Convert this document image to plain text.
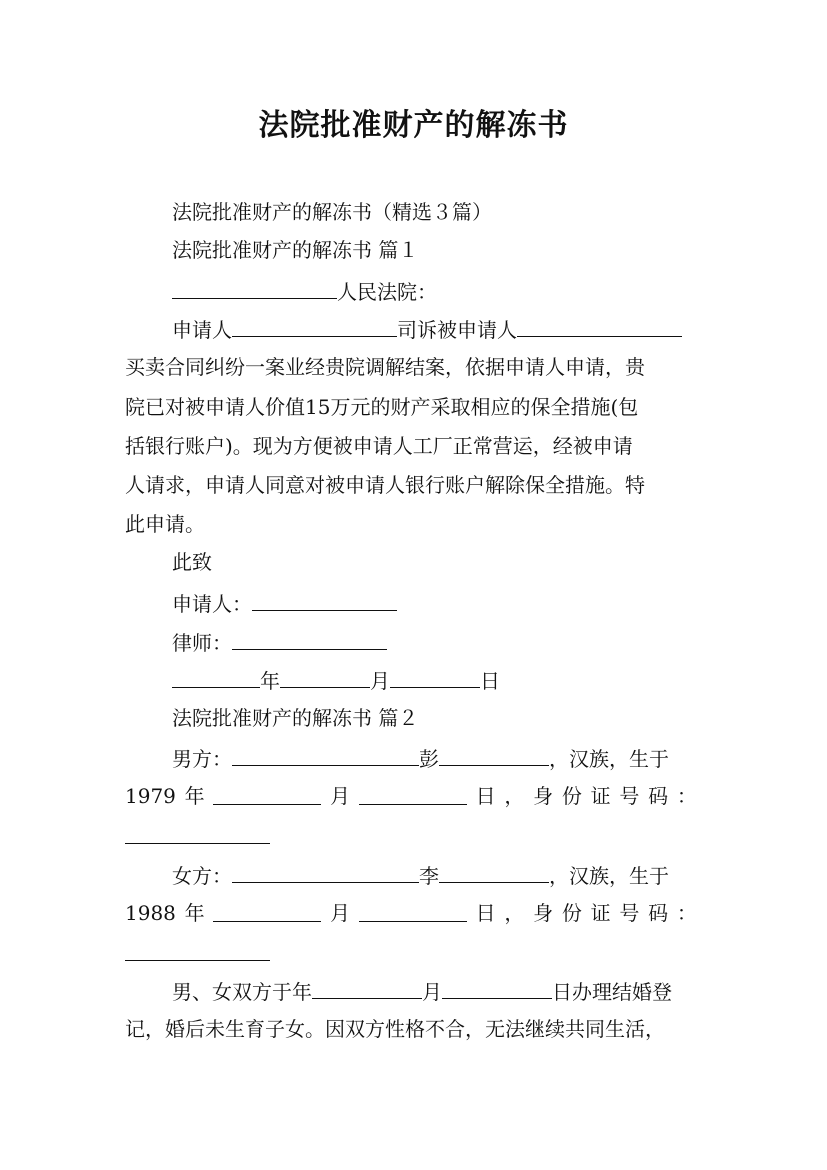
法院批准财产的解冻书
法院批准财产的解冻书（精选３篇）
法院批准财产的解冻书 篇１
人民法院：
申请人	司诉被申请人
买卖合同纠纷一案业经贵院调解结案，依据申请人申请，贵
院已对被申请人价值15万元的财产采取相应的保全措施(包
括银行账户)。现为方便被申请人工厂正常营运，经被申请
人请求，申请人同意对被申请人银行账户解除保全措施。特
此申请。
此致
申请人：
律师：
年	月	日
法院批准财产的解冻书 篇２
男方：	彭	，汉族，生于
1979 年	月	日 ， 身 份 证 号 码 ：
女方：	李	，汉族，生于
1988 年	月	日 ， 身 份 证 号 码 ：
男、女双方于年	月	日办理结婚登
记，婚后未生育子女。因双方性格不合，无法继续共同生活，
